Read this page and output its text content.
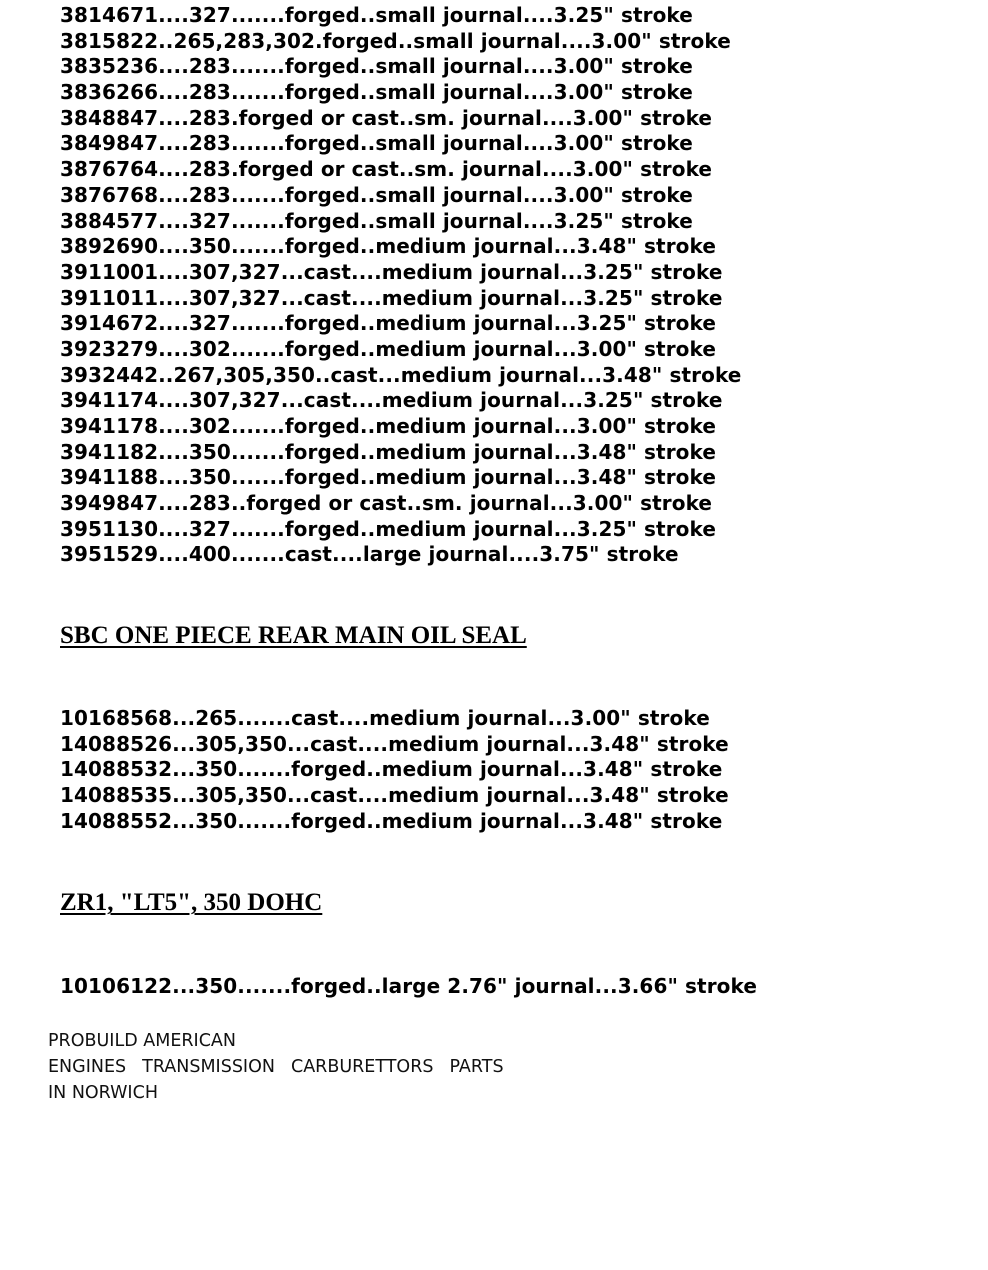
3814671....327.......forged..small journal....3.25" stroke
3815822..265,283,302.forged..small journal....3.00" stroke
3835236....283.......forged..small journal....3.00" stroke
3836266....283.......forged..small journal....3.00" stroke
3848847....283.forged or cast..sm. journal....3.00" stroke
3849847....283.......forged..small journal....3.00" stroke
3876764....283.forged or cast..sm. journal....3.00" stroke
3876768....283.......forged..small journal....3.00" stroke
3884577....327.......forged..small journal....3.25" stroke
3892690....350.......forged..medium journal...3.48" stroke
3911001....307,327...cast....medium journal...3.25" stroke
3911011....307,327...cast....medium journal...3.25" stroke
3914672....327.......forged..medium journal...3.25" stroke
3923279....302.......forged..medium journal...3.00" stroke
3932442..267,305,350..cast...medium journal...3.48" stroke
3941174....307,327...cast....medium journal...3.25" stroke
3941178....302.......forged..medium journal...3.00" stroke
3941182....350.......forged..medium journal...3.48" stroke
3941188....350.......forged..medium journal...3.48" stroke
3949847....283..forged or cast..sm. journal...3.00" stroke
3951130....327.......forged..medium journal...3.25" stroke
3951529....400.......cast....large journal....3.75" stroke
SBC ONE PIECE REAR MAIN OIL SEAL
10168568...265.......cast....medium journal...3.00" stroke
14088526...305,350...cast....medium journal...3.48" stroke
14088532...350.......forged..medium journal...3.48" stroke
14088535...305,350...cast....medium journal...3.48" stroke
14088552...350.......forged..medium journal...3.48" stroke
ZR1, "LT5", 350 DOHC
10106122...350.......forged..large 2.76" journal...3.66" stroke
PROBUILD AMERICAN
ENGINES TRANSMISSION CARBURETTORS PARTS
IN NORWICH
